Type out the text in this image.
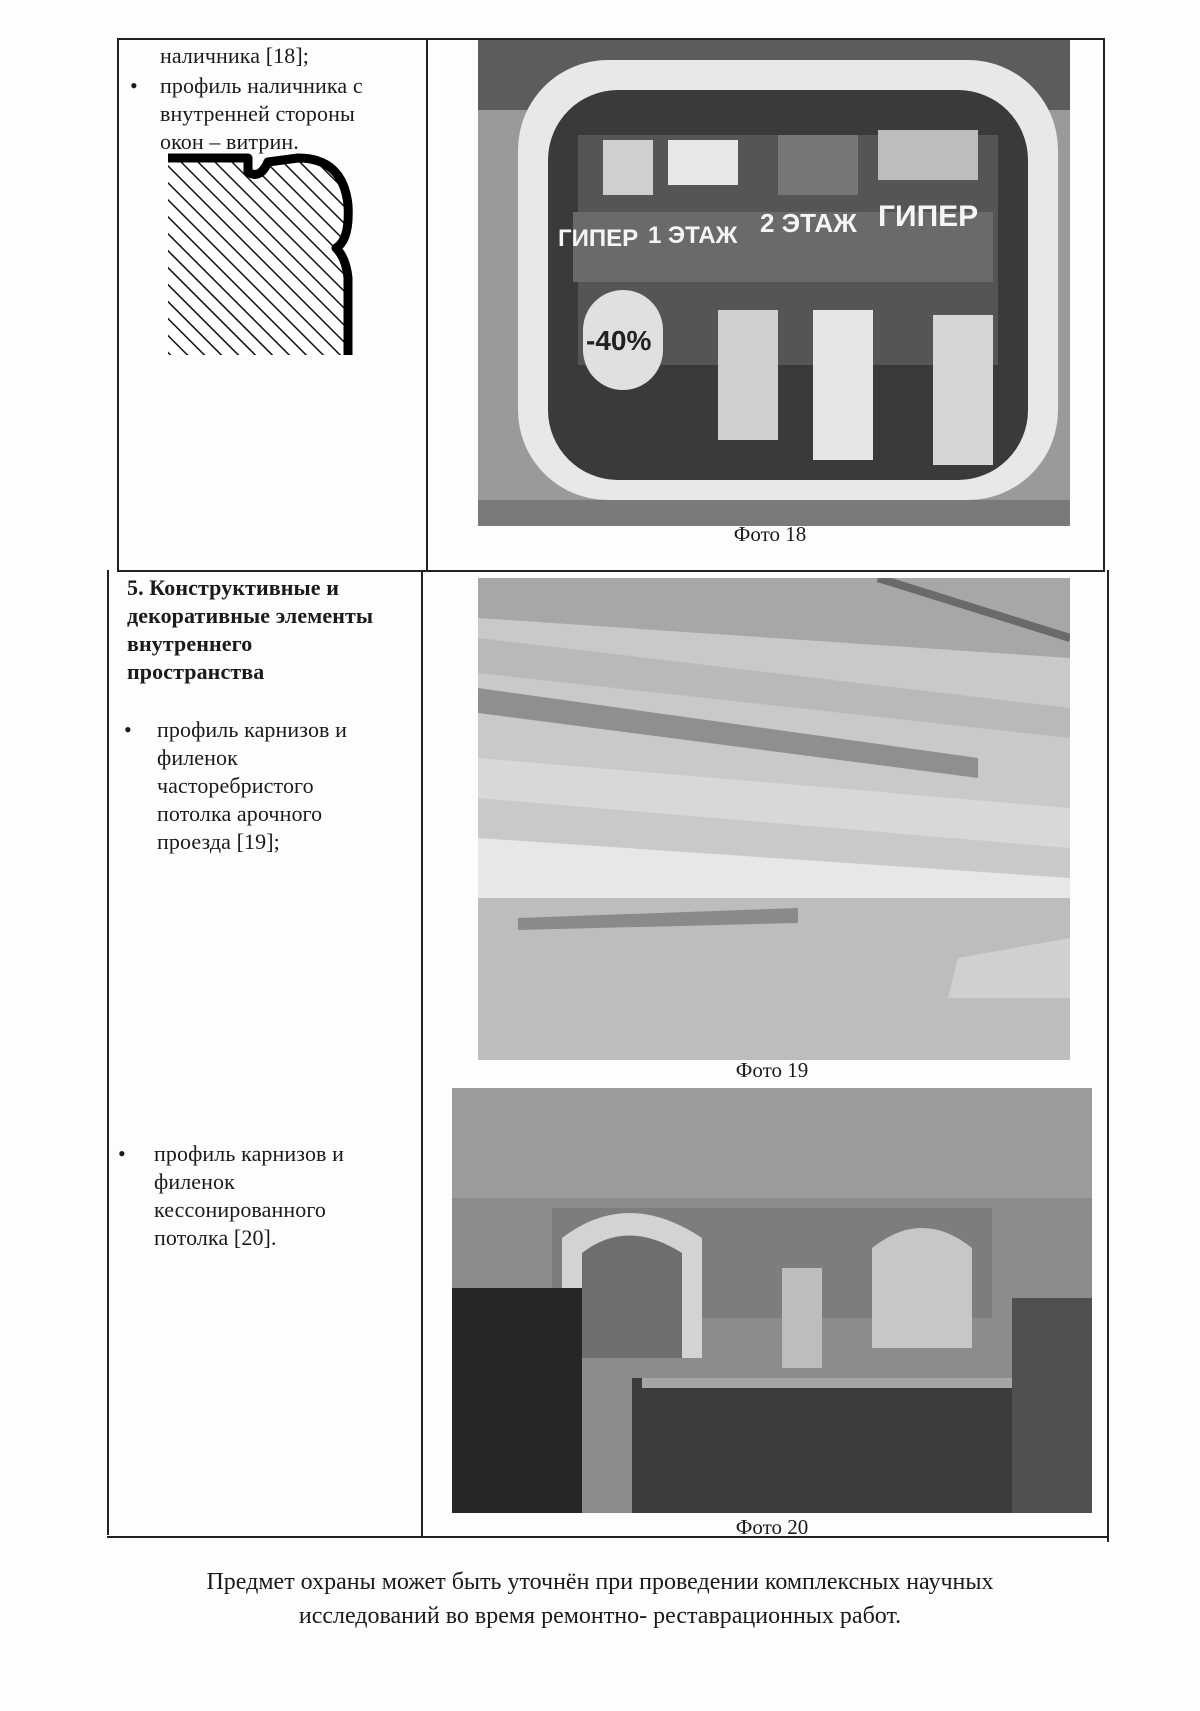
наличника [18];
• профиль наличника с
внутренней стороны
окон – витрин.
ГИПЕР 1 ЭТАЖ 2 ЭТАЖ ГИПЕР
-40%
Фото 18
5. Конструктивные и
декоративные элементы
внутреннего
пространства
• профиль карнизов и
филенок
часторебристого
потолка арочного
проезда [19];
Фото 19
• профиль карнизов и
филенок
кессонированного
потолка [20].
Фото 20
Предмет охраны может быть уточнён при проведении комплексных научных
исследований во время ремонтно- реставрационных работ.
